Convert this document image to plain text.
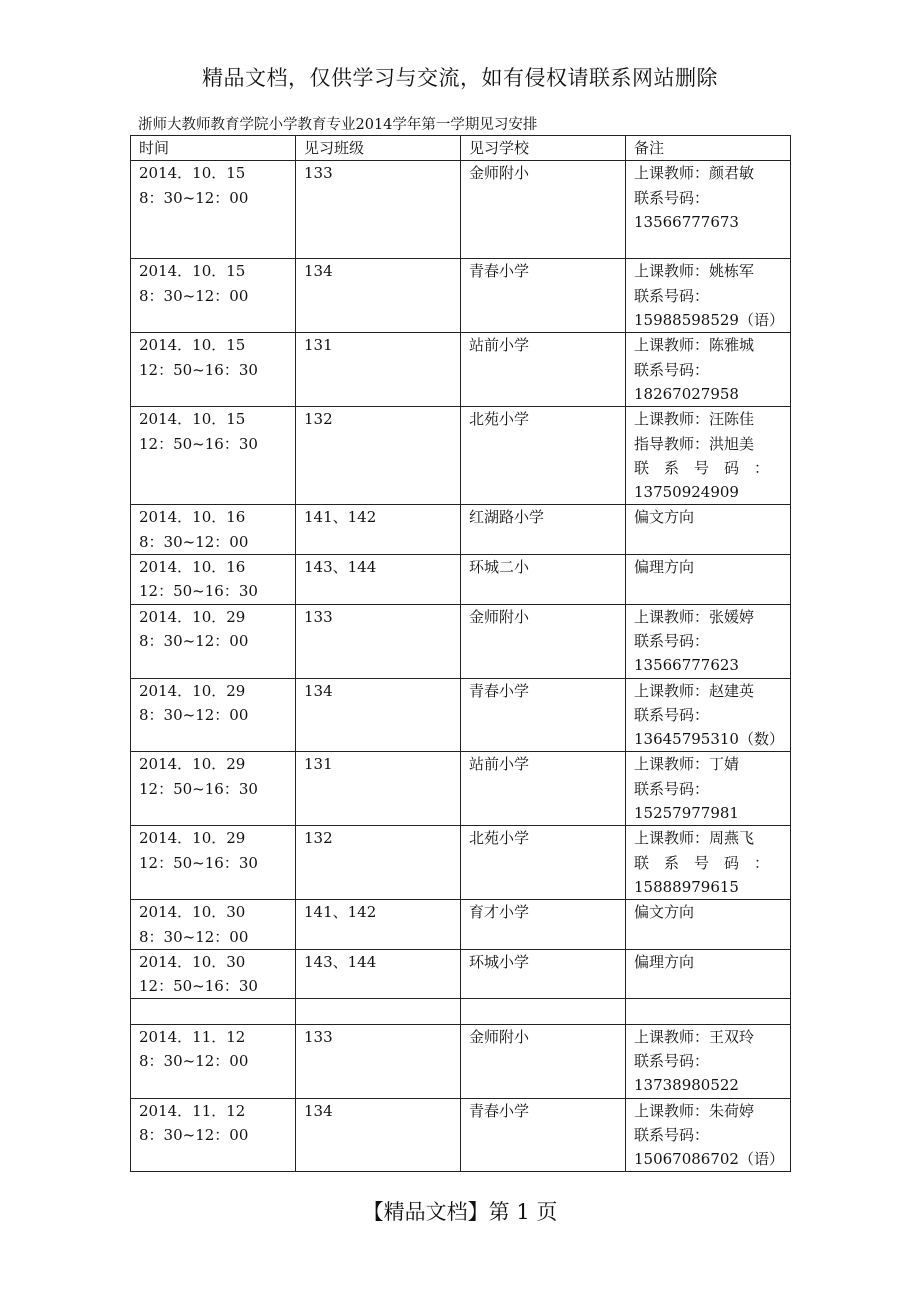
精品文档，仅供学习与交流，如有侵权请联系网站删除
浙师大教师教育学院小学教育专业2014学年第一学期见习安排
时间	见习班级	见习学校	备注

2014．10．15
8：30~12：00	133	金师附小	上课教师：颜君敏
联系号码：
13566777673

2014．10．15
8：30~12：00	134	青春小学	上课教师：姚栋军
联系号码：
15988598529（语）

2014．10．15
12：50~16：30	131	站前小学	上课教师：陈雅城
联系号码：
18267027958

2014．10．15
12：50~16：30	132	北苑小学	上课教师：汪陈佳
指导教师：洪旭美
联　系　号　码　：
13750924909

2014．10．16
8：30~12：00	141、142	红湖路小学	偏文方向

2014．10．16
12：50~16：30	143、144	环城二小	偏理方向

2014．10．29
8：30~12：00	133	金师附小	上课教师：张媛婷
联系号码：
13566777623

2014．10．29
8：30~12：00	134	青春小学	上课教师：赵建英
联系号码：
13645795310（数）

2014．10．29
12：50~16：30	131	站前小学	上课教师：丁婧
联系号码：
15257977981

2014．10．29
12：50~16：30	132	北苑小学	上课教师：周燕飞
联　系　号　码　：
15888979615

2014．10．30
8：30~12：00	141、142	育才小学	偏文方向

2014．10．30
12：50~16：30	143、144	环城小学	偏理方向

2014．11．12
8：30~12：00	133	金师附小	上课教师：王双玲
联系号码：
13738980522

2014．11．12
8：30~12：00	134	青春小学	上课教师：朱荷婷
联系号码：
15067086702（语）
【精品文档】第 1 页
